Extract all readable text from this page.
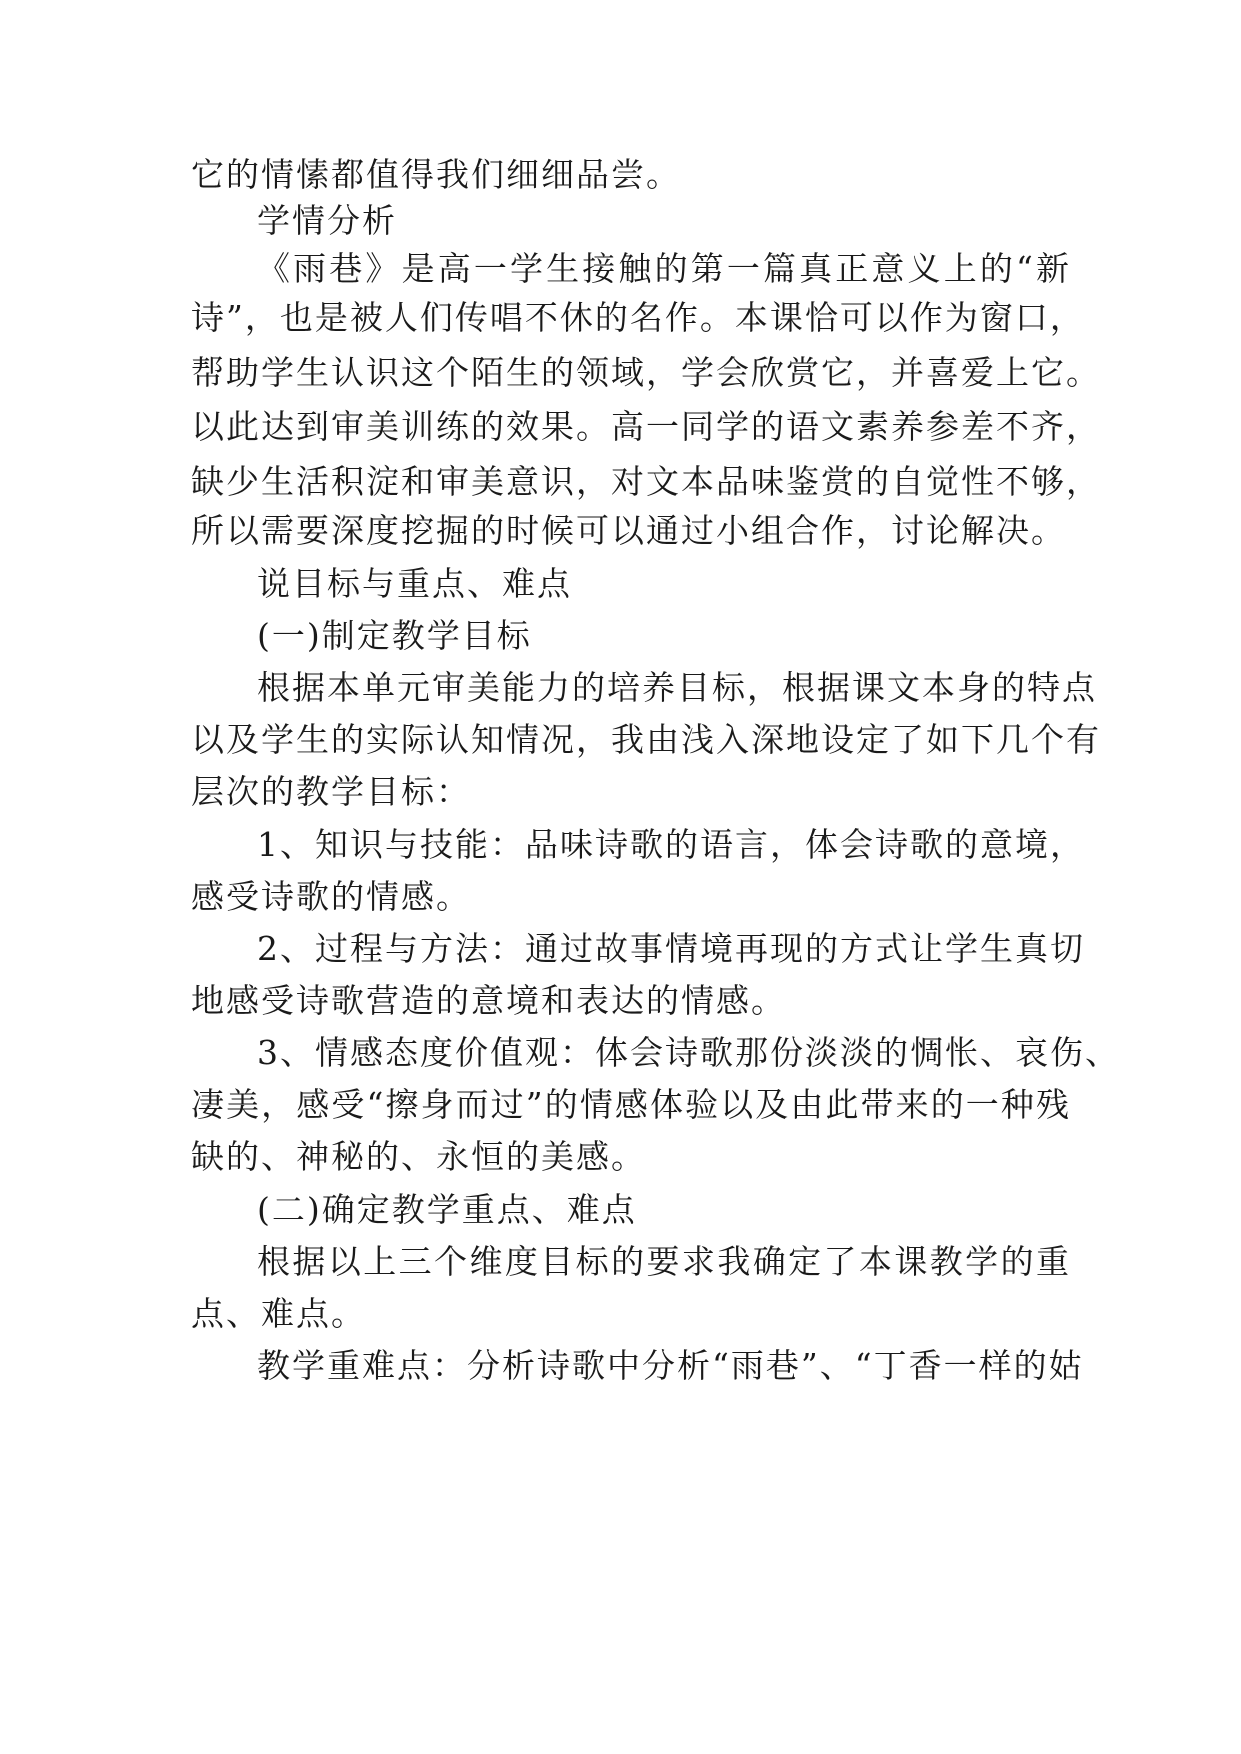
它的情愫都值得我们细细品尝。
学情分析
《雨巷》是高一学生接触的第一篇真正意义上的“新
诗”，也是被人们传唱不休的名作。本课恰可以作为窗口，
帮助学生认识这个陌生的领域，学会欣赏它，并喜爱上它。
以此达到审美训练的效果。高一同学的语文素养参差不齐，
缺少生活积淀和审美意识，对文本品味鉴赏的自觉性不够，
所以需要深度挖掘的时候可以通过小组合作，讨论解决。
说目标与重点、难点
(一)制定教学目标
根据本单元审美能力的培养目标，根据课文本身的特点
以及学生的实际认知情况，我由浅入深地设定了如下几个有
层次的教学目标：
1、知识与技能：品味诗歌的语言，体会诗歌的意境，
感受诗歌的情感。
2、过程与方法：通过故事情境再现的方式让学生真切
地感受诗歌营造的意境和表达的情感。
3、情感态度价值观：体会诗歌那份淡淡的惆怅、哀伤、
凄美，感受“擦身而过”的情感体验以及由此带来的一种残
缺的、神秘的、永恒的美感。
(二)确定教学重点、难点
根据以上三个维度目标的要求我确定了本课教学的重
点、难点。
教学重难点：分析诗歌中分析“雨巷”、“丁香一样的姑
